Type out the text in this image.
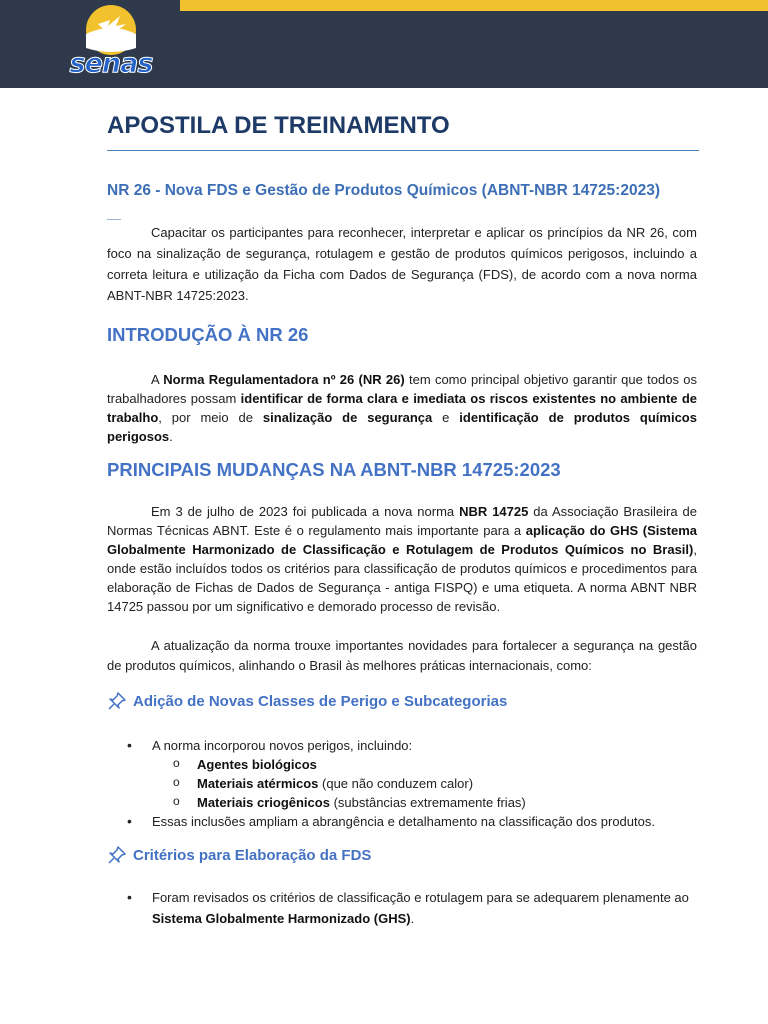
senas
APOSTILA DE TREINAMENTO
NR 26 - Nova FDS e Gestão de Produtos Químicos (ABNT-NBR 14725:2023)

Capacitar os participantes para reconhecer, interpretar e aplicar os princípios da NR 26, com foco na sinalização de segurança, rotulagem e gestão de produtos químicos perigosos, incluindo a correta leitura e utilização da Ficha com Dados de Segurança (FDS), de acordo com a nova norma ABNT-NBR 14725:2023.

INTRODUÇÃO À NR 26

A Norma Regulamentadora nº 26 (NR 26) tem como principal objetivo garantir que todos os trabalhadores possam identificar de forma clara e imediata os riscos existentes no ambiente de trabalho, por meio de sinalização de segurança e identificação de produtos químicos perigosos.

PRINCIPAIS MUDANÇAS NA ABNT-NBR 14725:2023

Em 3 de julho de 2023 foi publicada a nova norma NBR 14725 da Associação Brasileira de Normas Técnicas ABNT. Este é o regulamento mais importante para a aplicação do GHS (Sistema Globalmente Harmonizado de Classificação e Rotulagem de Produtos Químicos no Brasil), onde estão incluídos todos os critérios para classificação de produtos químicos e procedimentos para elaboração de Fichas de Dados de Segurança - antiga FISPQ) e uma etiqueta. A norma ABNT NBR 14725 passou por um significativo e demorado processo de revisão.

A atualização da norma trouxe importantes novidades para fortalecer a segurança na gestão de produtos químicos, alinhando o Brasil às melhores práticas internacionais, como:

Adição de Novas Classes de Perigo e Subcategorias
• A norma incorporou novos perigos, incluindo:
o Agentes biológicos
o Materiais atérmicos (que não conduzem calor)
o Materiais criogênicos (substâncias extremamente frias)
• Essas inclusões ampliam a abrangência e detalhamento na classificação dos produtos.
Critérios para Elaboração da FDS
• Foram revisados os critérios de classificação e rotulagem para se adequarem plenamente ao Sistema Globalmente Harmonizado (GHS).
